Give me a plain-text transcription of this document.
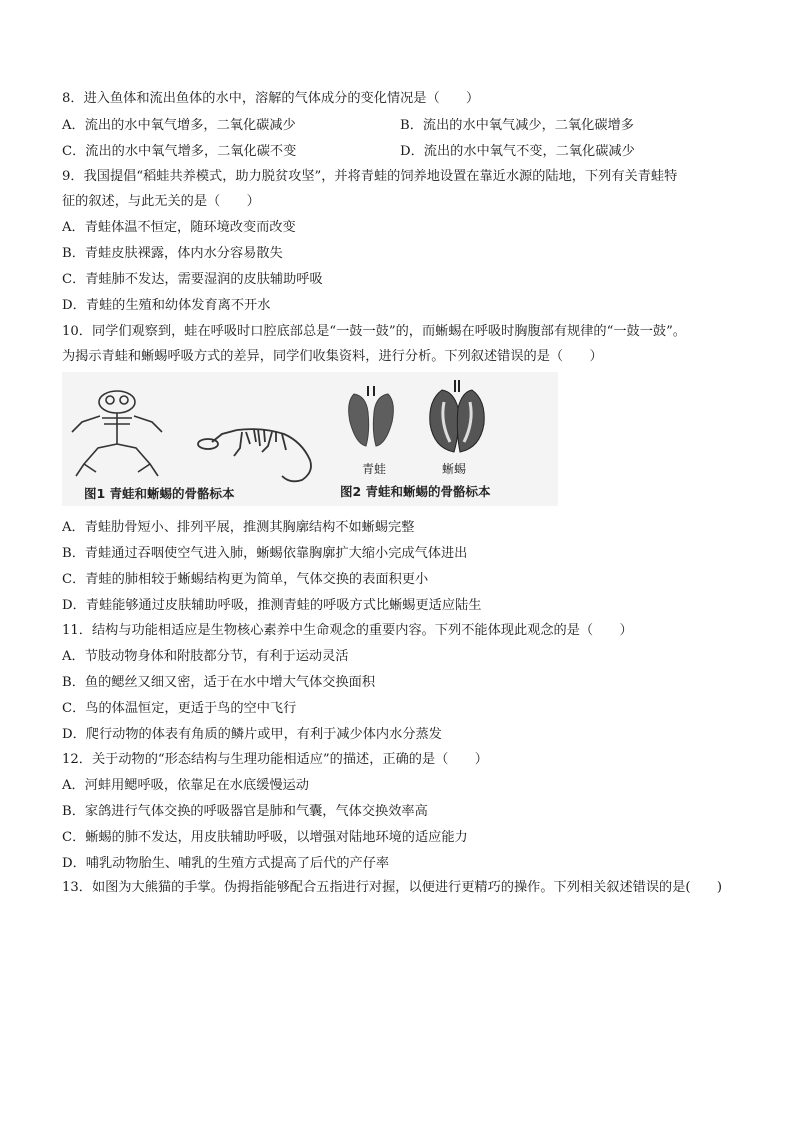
8．进入鱼体和流出鱼体的水中，溶解的气体成分的变化情况是（　　）
A．流出的水中氧气增多，二氧化碳减少	B．流出的水中氧气减少，二氧化碳增多
C．流出的水中氧气增多，二氧化碳不变	D．流出的水中氧气不变，二氧化碳减少
9．我国提倡“稻蛙共养模式，助力脱贫攻坚”，并将青蛙的饲养地设置在靠近水源的陆地，下列有关青蛙特
征的叙述，与此无关的是（　　）
A．青蛙体温不恒定，随环境改变而改变
B．青蛙皮肤裸露，体内水分容易散失
C．青蛙肺不发达，需要湿润的皮肤辅助呼吸
D．青蛙的生殖和幼体发育离不开水
10．同学们观察到，蛙在呼吸时口腔底部总是“一鼓一鼓”的，而蜥蜴在呼吸时胸腹部有规律的“一鼓一鼓”。
为揭示青蛙和蜥蜴呼吸方式的差异，同学们收集资料，进行分析。下列叙述错误的是（　　）
青蛙	蜥蜴
图1 青蛙和蜥蜴的骨骼标本	图2 青蛙和蜥蜴的骨骼标本
A．青蛙肋骨短小、排列平展，推测其胸廓结构不如蜥蜴完整
B．青蛙通过吞咽使空气进入肺，蜥蜴依靠胸廓扩大缩小完成气体进出
C．青蛙的肺相较于蜥蜴结构更为简单，气体交换的表面积更小
D．青蛙能够通过皮肤辅助呼吸，推测青蛙的呼吸方式比蜥蜴更适应陆生
11．结构与功能相适应是生物核心素养中生命观念的重要内容。下列不能体现此观念的是（　　）
A．节肢动物身体和附肢都分节，有利于运动灵活
B．鱼的鳃丝又细又密，适于在水中增大气体交换面积
C．鸟的体温恒定，更适于鸟的空中飞行
D．爬行动物的体表有角质的鳞片或甲，有利于减少体内水分蒸发
12．关于动物的“形态结构与生理功能相适应”的描述，正确的是（　　）
A．河蚌用鳃呼吸，依靠足在水底缓慢运动
B．家鸽进行气体交换的呼吸器官是肺和气囊，气体交换效率高
C．蜥蜴的肺不发达，用皮肤辅助呼吸，以增强对陆地环境的适应能力
D．哺乳动物胎生、哺乳的生殖方式提高了后代的产仔率
13．如图为大熊猫的手掌。伪拇指能够配合五指进行对握，以便进行更精巧的操作。下列相关叙述错误的是(　　)
